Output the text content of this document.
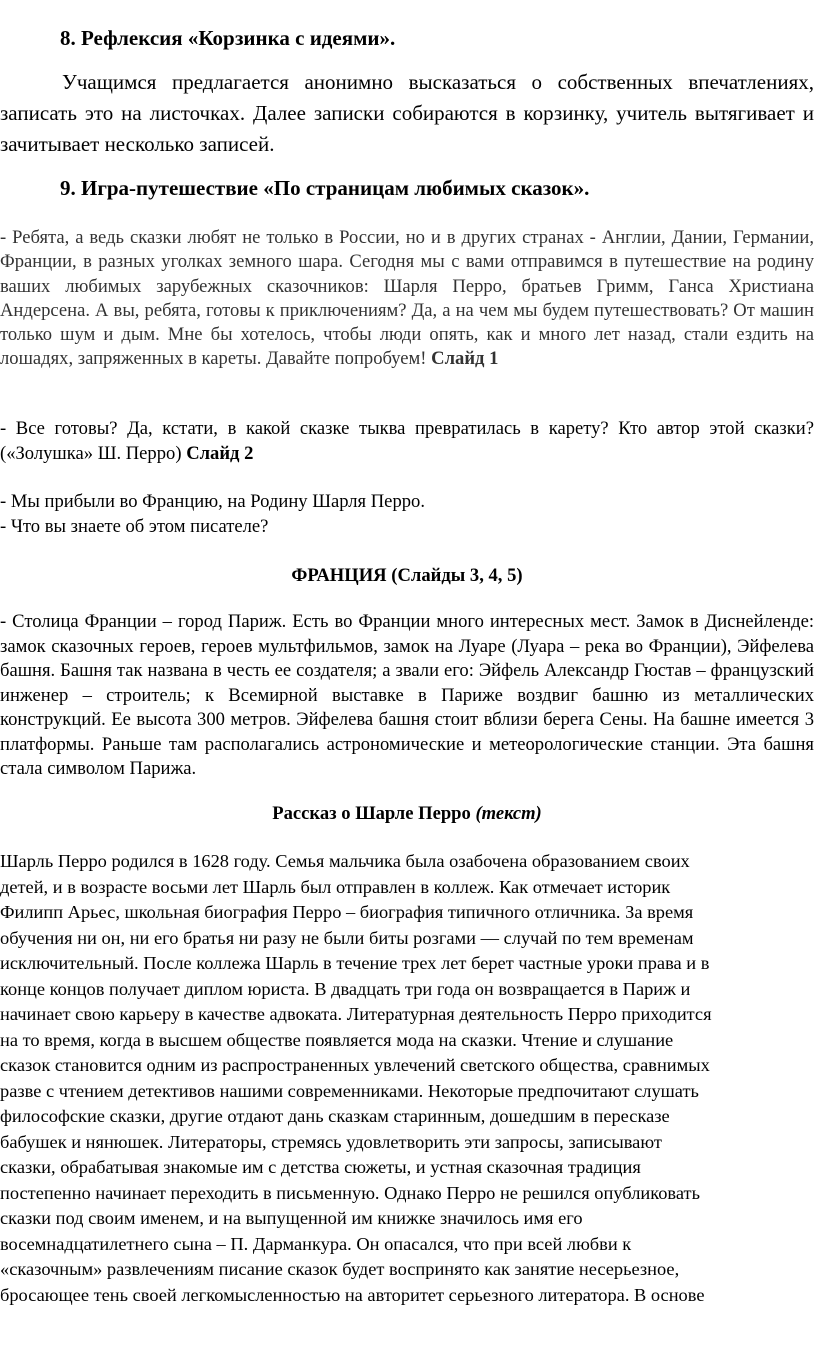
8. Рефлексия «Корзинка с идеями».

Учащимся предлагается анонимно высказаться о собственных впечатлениях, записать это на листочках. Далее записки собираются в корзинку, учитель вытягивает и зачитывает несколько записей.

9. Игра-путешествие «По страницам любимых сказок».

- Ребята, а ведь сказки любят не только в России, но и в других странах - Англии, Дании, Германии, Франции, в разных уголках земного шара. Сегодня мы с вами отправимся в путешествие на родину ваших любимых зарубежных сказочников: Шарля Перро, братьев Гримм, Ганса Христиана Андерсена. А вы, ребята, готовы к приключениям? Да, а на чем мы будем путешествовать? От машин только шум и дым. Мне бы хотелось, чтобы люди опять, как и много лет назад, стали ездить на лошадях, запряженных в кареты. Давайте попробуем! Слайд 1

- Все готовы? Да, кстати, в какой сказке тыква превратилась в карету? Кто автор этой сказки? («Золушка» Ш. Перро) Слайд 2

- Мы прибыли во Францию, на Родину Шарля Перро.
- Что вы знаете об этом писателе?
ФРАНЦИЯ (Слайды 3, 4, 5)

- Столица Франции – город Париж. Есть во Франции много интересных мест. Замок в Диснейленде: замок сказочных героев, героев мультфильмов, замок на Луаре (Луара – река во Франции), Эйфелева башня. Башня так названа в честь ее создателя; а звали его: Эйфель Александр Гюстав – французский инженер – строитель; к Всемирной выставке в Париже воздвиг башню из металлических конструкций. Ее высота 300 метров. Эйфелева башня стоит вблизи берега Сены. На башне имеется 3 платформы. Раньше там располагались астрономические и метеорологические станции. Эта башня стала символом Парижа.

Рассказ о Шарле Перро (текст)
Шарль Перро родился в 1628 году. Семья мальчика была озабочена образованием своих
детей, и в возрасте восьми лет Шарль был отправлен в коллеж. Как отмечает историк
Филипп Арьес, школьная биография Перро – биография типичного отличника. За время
обучения ни он, ни его братья ни разу не были биты розгами — случай по тем временам
исключительный. После коллежа Шарль в течение трех лет берет частные уроки права и в
конце концов получает диплом юриста. В двадцать три года он возвращается в Париж и
начинает свою карьеру в качестве адвоката. Литературная деятельность Перро приходится
на то время, когда в высшем обществе появляется мода на сказки. Чтение и слушание
сказок становится одним из распространенных увлечений светского общества, сравнимых
разве с чтением детективов нашими современниками. Некоторые предпочитают слушать
философские сказки, другие отдают дань сказкам старинным, дошедшим в пересказе
бабушек и нянюшек. Литераторы, стремясь удовлетворить эти запросы, записывают
сказки, обрабатывая знакомые им с детства сюжеты, и устная сказочная традиция
постепенно начинает переходить в письменную. Однако Перро не решился опубликовать
сказки под своим именем, и на выпущенной им книжке значилось имя его
восемнадцатилетнего сына – П. Дарманкура. Он опасался, что при всей любви к
«сказочным» развлечениям писание сказок будет воспринято как занятие несерьезное,
бросающее тень своей легкомысленностью на авторитет серьезного литератора. В основе
